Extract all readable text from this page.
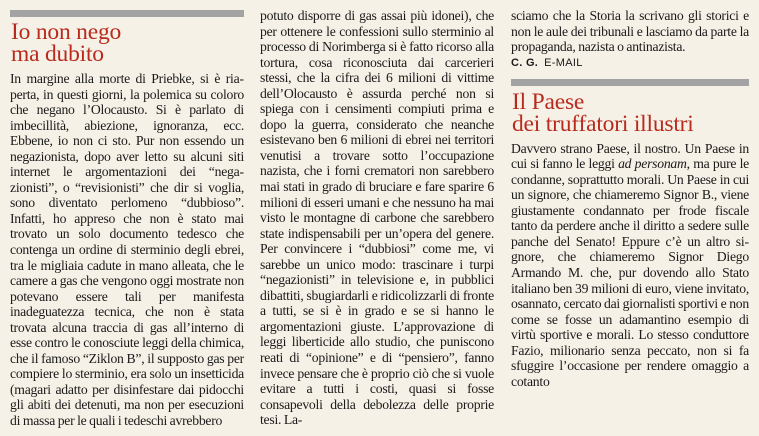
Io non nego
ma dubito

In margine alla morte di Priebke, si è riaperta, in questi giorni, la polemica su coloro che negano l’Olocausto. Si è parlato di imbecillità, abiezione, ignoranza, ecc. Ebbene, io non ci sto. Pur non essendo un negazionista, dopo aver letto su alcuni siti internet le argomentazioni dei “negazionisti”, o “revisionisti” che dir si voglia, sono diventato perlomeno “dubbioso”. Infatti, ho appreso che non è stato mai trovato un solo documento tedesco che contenga un ordine di sterminio degli ebrei, tra le migliaia cadute in mano alleata, che le camere a gas che vengono oggi mostrate non potevano essere tali per manifesta inadeguatezza tecnica, che non è stata trovata alcuna traccia di gas all’interno di esse contro le conosciute leggi della chimica, che il famoso “Ziklon B”, il supposto gas per compiere lo sterminio, era solo un insetticida (magari adatto per disinfestare dai pidocchi gli abiti dei detenuti, ma non per esecuzioni di massa per le quali i tedeschi avrebbero

potuto disporre di gas assai più idonei), che per ottenere le confessioni sullo sterminio al processo di Norimberga si è fatto ricorso alla tortura, cosa riconosciuta dai carcerieri stessi, che la cifra dei 6 milioni di vittime dell’Olocausto è assurda perché non si spiega con i censimenti compiuti prima e dopo la guerra, considerato che neanche esistevano ben 6 milioni di ebrei nei territori venutisi a trovare sotto l’occupazione nazista, che i forni crematori non sarebbero mai stati in grado di bruciare e fare sparire 6 milioni di esseri umani e che nessuno ha mai visto le montagne di carbone che sarebbero state indispensabili per un’opera del genere. Per convincere i “dubbiosi” come me, vi sarebbe un unico modo: trascinare i turpi “negazionisti” in televisione e, in pubblici dibattiti, sbugiardarli e ridicolizzarli di fronte a tutti, se si è in grado e se si hanno le argomentazioni giuste. L’approvazione di leggi liberticide allo studio, che puniscono reati di “opinione” e di “pensiero”, fanno invece pensare che è proprio ciò che si vuole evitare a tutti i costi, quasi si fosse consapevoli della debolezza delle proprie tesi. La-

sciamo che la Storia la scrivano gli storici e non le aule dei tribunali e lasciamo da parte la propaganda, nazista o antinazista.

C. G. E-MAIL
Il Paese
dei truffatori illustri

Davvero strano Paese, il nostro. Un Paese in cui si fanno le leggi ad personam, ma pure le condanne, soprattutto morali. Un Paese in cui un signore, che chiameremo Signor B., viene giustamente condannato per frode fiscale tanto da perdere anche il diritto a sedere sulle panche del Senato! Eppure c’è un altro signore, che chiameremo Signor Diego Armando M. che, pur dovendo allo Stato italiano ben 39 milioni di euro, viene invitato, osannato, cercato dai giornalisti sportivi e non come se fosse un adamantino esempio di virtù sportive e morali. Lo stesso conduttore Fazio, milionario senza peccato, non si fa sfuggire l’occasione per rendere omaggio a cotanto
